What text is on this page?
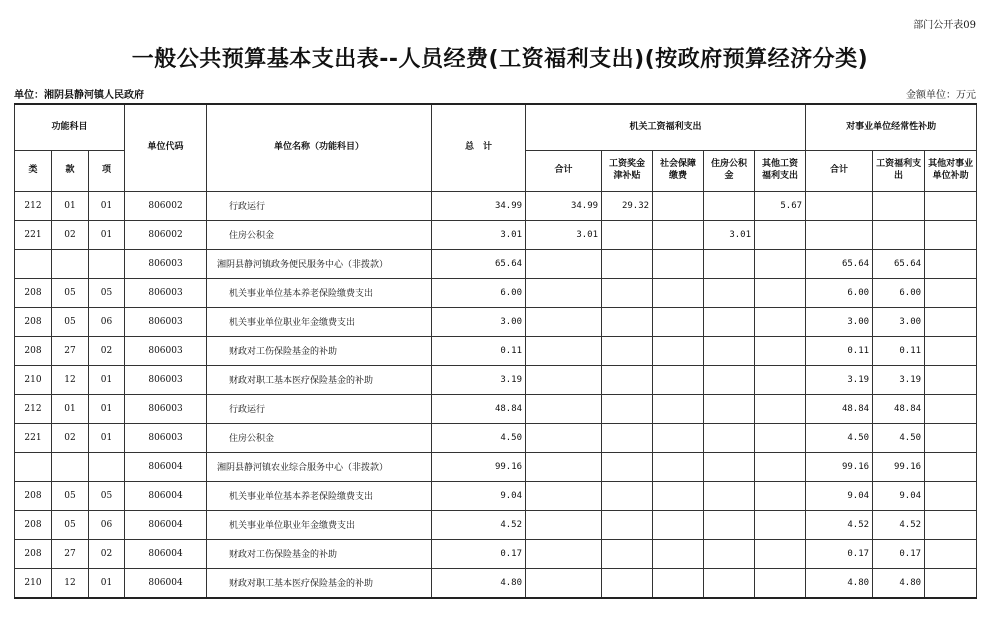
部门公开表09
一般公共预算基本支出表--人员经费(工资福利支出)(按政府预算经济分类)
单位：湘阴县静河镇人民政府	金额单位：万元
功能科目			单位代码	单位名称（功能科目）	总　计	机关工资福利支出					对事业单位经常性补助		
类	款	项				合计	工资奖金津补贴	社会保障缴费	住房公积金	其他工资福利支出	合计	工资福利支出	其他对事业单位补助
212	01	01	806002	行政运行	34.99	34.99	29.32			5.67			
221	02	01	806002	住房公积金	3.01	3.01			3.01				
			806003	湘阴县静河镇政务便民服务中心（非拨款）	65.64						65.64	65.64	
208	05	05	806003	机关事业单位基本养老保险缴费支出	6.00						6.00	6.00	
208	05	06	806003	机关事业单位职业年金缴费支出	3.00						3.00	3.00	
208	27	02	806003	财政对工伤保险基金的补助	0.11						0.11	0.11	
210	12	01	806003	财政对职工基本医疗保险基金的补助	3.19						3.19	3.19	
212	01	01	806003	行政运行	48.84						48.84	48.84	
221	02	01	806003	住房公积金	4.50						4.50	4.50	
			806004	湘阴县静河镇农业综合服务中心（非拨款）	99.16						99.16	99.16	
208	05	05	806004	机关事业单位基本养老保险缴费支出	9.04						9.04	9.04	
208	05	06	806004	机关事业单位职业年金缴费支出	4.52						4.52	4.52	
208	27	02	806004	财政对工伤保险基金的补助	0.17						0.17	0.17	
210	12	01	806004	财政对职工基本医疗保险基金的补助	4.80						4.80	4.80	
